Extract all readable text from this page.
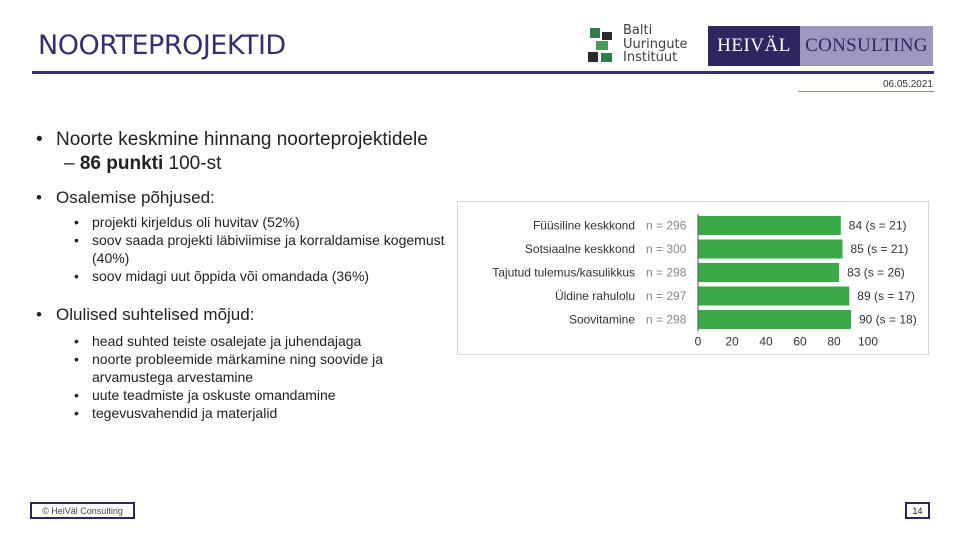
NOORTEPROJEKTID	Balti
Uuringute
Instituut
HEIVÄL CONSULTING
06.05.2021
• Noorte keskmine hinnang noorteprojektidele
– 86 punkti 100-st
• Osalemise põhjused:
• projekti kirjeldus oli huvitav (52%)
• soov saada projekti läbiviimise ja korraldamise kogemust (40%)
• soov midagi uut õppida või omandada (36%)
• Olulised suhtelised mõjud:
• head suhted teiste osalejate ja juhendajaga
• noorte probleemide märkamine ning soovide ja arvamustega arvestamine
• uute teadmiste ja oskuste omandamine
• tegevusvahendid ja materjalid
Füüsiline keskkond n = 296	84 (s = 21)
Sotsiaalne keskkond n = 300	85 (s = 21)
Tajutud tulemus/kasulikkus n = 298	83 (s = 26)
Üldine rahulolu n = 297	89 (s = 17)
Soovitamine n = 298	90 (s = 18)
0 20 40 60 80 100
© HeiVäl Consulting	14
